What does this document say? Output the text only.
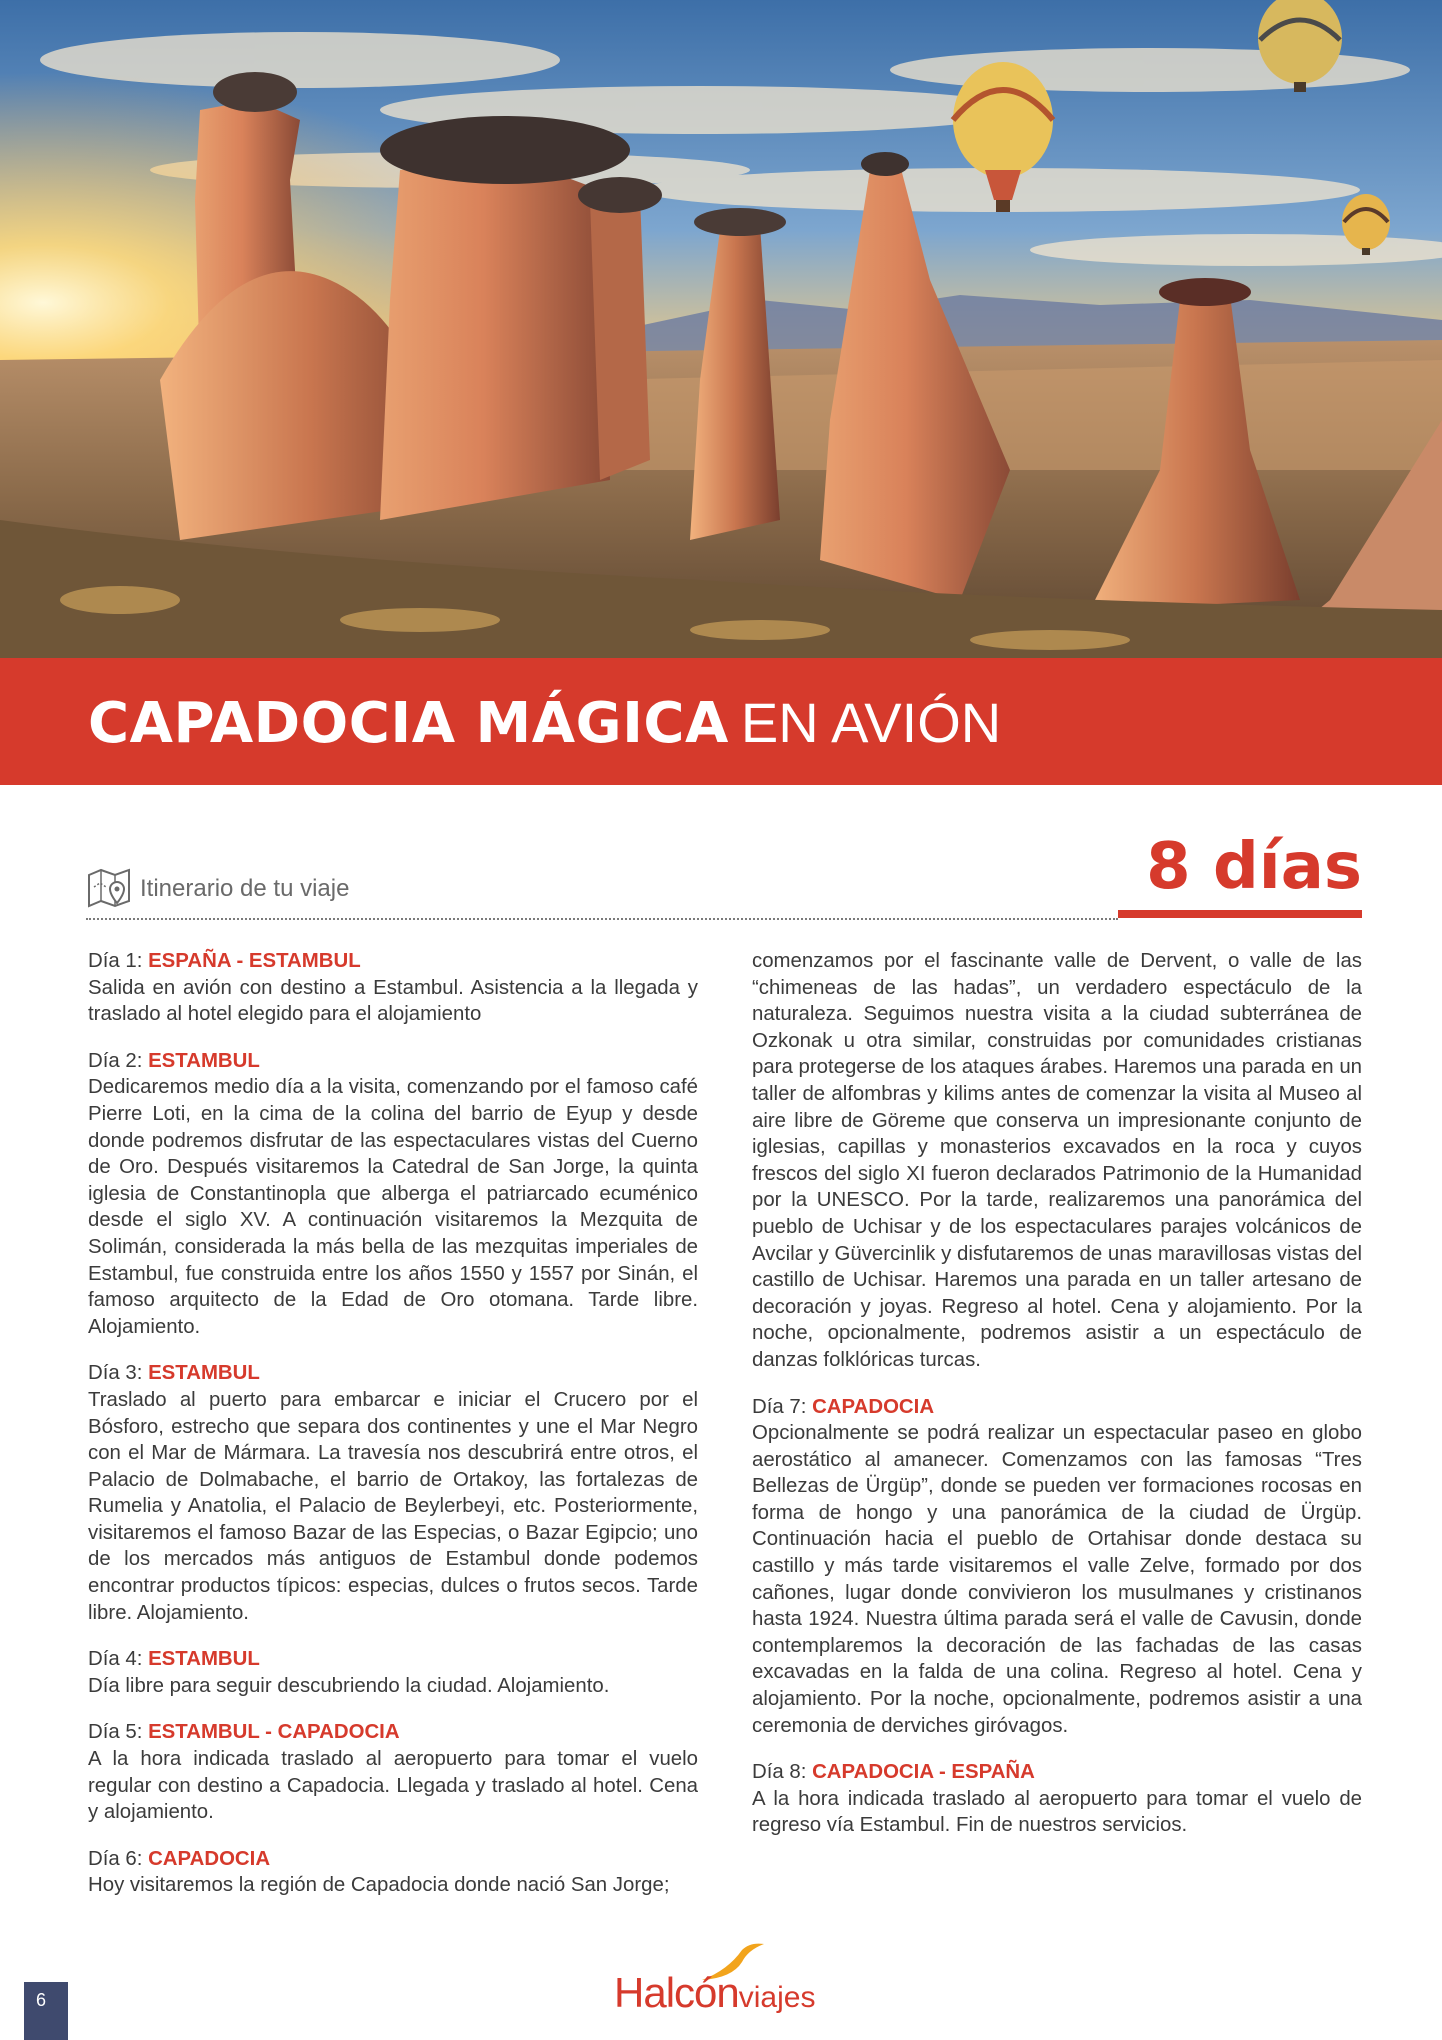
CAPADOCIA MÁGICA EN AVIÓN
Itinerario de tu viaje	8 días
Día 1: ESPAÑA - ESTAMBUL
Salida en avión con destino a Estambul. Asistencia a la llegada y traslado al hotel elegido para el alojamiento
Día 2: ESTAMBUL
Dedicaremos medio día a la visita, comenzando por el famoso café Pierre Loti, en la cima de la colina del barrio de Eyup y desde donde podremos disfrutar de las espectaculares vistas del Cuerno de Oro. Después visitaremos la Catedral de San Jorge, la quinta iglesia de Constantinopla que alberga el patriarcado ecuménico desde el siglo XV. A continuación visitaremos la Mezquita de Solimán, considerada la más bella de las mezquitas imperiales de Estambul, fue construida entre los años 1550 y 1557 por Sinán, el famoso arquitecto de la Edad de Oro otomana. Tarde libre. Alojamiento.
Día 3: ESTAMBUL
Traslado al puerto para embarcar e iniciar el Crucero por el Bósforo, estrecho que separa dos continentes y une el Mar Negro con el Mar de Mármara. La travesía nos descubrirá entre otros, el Palacio de Dolmabache, el barrio de Ortakoy, las fortalezas de Rumelia y Anatolia, el Palacio de Beylerbeyi, etc. Posteriormente, visitaremos el famoso Bazar de las Especias, o Bazar Egipcio; uno de los mercados más antiguos de Estambul donde podemos encontrar productos típicos: especias, dulces o frutos secos. Tarde libre. Alojamiento.
Día 4: ESTAMBUL
Día libre para seguir descubriendo la ciudad. Alojamiento.
Día 5: ESTAMBUL - CAPADOCIA
A la hora indicada traslado al aeropuerto para tomar el vuelo regular con destino a Capadocia. Llegada y traslado al hotel. Cena y alojamiento.
Día 6: CAPADOCIA
Hoy visitaremos la región de Capadocia donde nació San Jorge;
comenzamos por el fascinante valle de Dervent, o valle de las “chimeneas de las hadas”, un verdadero espectáculo de la naturaleza. Seguimos nuestra visita a la ciudad subterránea de Ozkonak u otra similar, construidas por comunidades cristianas para protegerse de los ataques árabes. Haremos una parada en un taller de alfombras y kilims antes de comenzar la visita al Museo al aire libre de Göreme que conserva un impresionante conjunto de iglesias, capillas y monasterios excavados en la roca y cuyos frescos del siglo XI fueron declarados Patrimonio de la Humanidad por la UNESCO. Por la tarde, realizaremos una panorámica del pueblo de Uchisar y de los espectaculares parajes volcánicos de Avcilar y Güvercinlik y disfutaremos de unas maravillosas vistas del castillo de Uchisar. Haremos una parada en un taller artesano de decoración y joyas. Regreso al hotel. Cena y alojamiento. Por la noche, opcionalmente, podremos asistir a un espectáculo de danzas folklóricas turcas.
Día 7: CAPADOCIA
Opcionalmente se podrá realizar un espectacular paseo en globo aerostático al amanecer. Comenzamos con las famosas “Tres Bellezas de Ürgüp”, donde se pueden ver formaciones rocosas en forma de hongo y una panorámica de la ciudad de Ürgüp. Continuación hacia el pueblo de Ortahisar donde destaca su castillo y más tarde visitaremos el valle Zelve, formado por dos cañones, lugar donde convivieron los musulmanes y cristinanos hasta 1924. Nuestra última parada será el valle de Cavusin, donde contemplaremos la decoración de las fachadas de las casas excavadas en la falda de una colina. Regreso al hotel. Cena y alojamiento. Por la noche, opcionalmente, podremos asistir a una ceremonia de derviches giróvagos.
Día 8: CAPADOCIA - ESPAÑA
A la hora indicada traslado al aeropuerto para tomar el vuelo de regreso vía Estambul. Fin de nuestros servicios.
6	Halcónviajes
